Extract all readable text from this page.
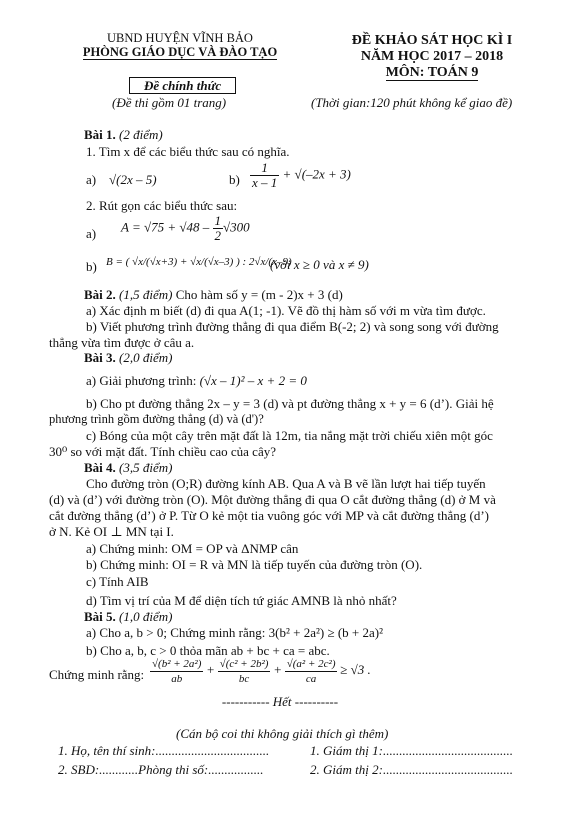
UBND HUYỆN VĨNH BẢO
PHÒNG GIÁO DỤC VÀ ĐÀO TẠO
Đề chính thức
(Đề thi gồm 01 trang)
ĐỀ KHẢO SÁT HỌC KÌ I
NĂM HỌC 2017 – 2018
MÔN: TOÁN 9
(Thời gian:120 phút không kể giao đề)
Bài 1. (2 điểm)
1. Tìm x để các biểu thức sau có nghĩa.
a) √(2x – 5)	$b) \frac{1}{x - 1} + √(-2x + 3)$
2. Rút gọn các biểu thức sau:
a) $A = √75 + √48 - \frac{1}{2} √300$
b) B = ( √x/(√x+3) + √x/(√x–3) ) : 2√x/(x–9)
(với x ≥ 0 và x ≠ 9)
Bài 2. (1,5 điểm) Cho hàm số y = (m - 2)x + 3 (d)
a) Xác định m biết (d) đi qua A(1; -1). Vẽ đồ thị hàm số với m vừa tìm được.
b) Viết phương trình đường thẳng đi qua điểm B(-2; 2) và song song với đường
thẳng vừa tìm được ở câu a.
Bài 3. (2,0 điểm)
a) Giải phương trình: (√x – 1)² – x + 2 = 0
b) Cho pt đường thẳng 2x – y = 3 (d) và pt đường thẳng x + y = 6 (d’). Giải hệ
phương trình gồm đường thẳng (d) và (d')?
c) Bóng của một cây trên mặt đất là 12m, tia nắng mặt trời chiếu xiên một góc
30⁰ so với mặt đất. Tính chiều cao của cây?
Bài 4. (3,5 điểm)
Cho đường tròn (O;R) đường kính AB. Qua A và B vẽ lần lượt hai tiếp tuyến
(d) và (d’) với đường tròn (O). Một đường thẳng đi qua O cắt đường thẳng (d) ở M và
cắt đường thẳng (d’) ở P. Từ O kẻ một tia vuông góc với MP và cắt đường thẳng (d’)
ở N. Kẻ OI ⊥ MN tại I.
a) Chứng minh: OM = OP và ΔNMP cân
b) Chứng minh: OI = R và MN là tiếp tuyến của đường tròn (O).
c) Tính AIB
d) Tìm vị trí của M để diện tích tứ giác AMNB là nhỏ nhất?
Bài 5. (1,0 điểm)
a) Cho a, b > 0; Chứng minh rằng: 3(b² + 2a²) ≥ (b + 2a)²
b) Cho a, b, c > 0 thỏa mãn ab + bc + ca = abc.
Chứng minh rằng: $\frac{\text{√(b² + 2a²)}}{ab} + \frac{\text{√(c² + 2b²)}}{bc} + \frac{\text{√(a² + 2c²)}}{ca} \ge √3$ .
----------- Hết ----------
(Cán bộ coi thi không giải thích gì thêm)
1. Họ, tên thí sinh:...................................	1. Giám thị 1:........................................
2. SBD:............Phòng thi số:.................	2. Giám thị 2:........................................
